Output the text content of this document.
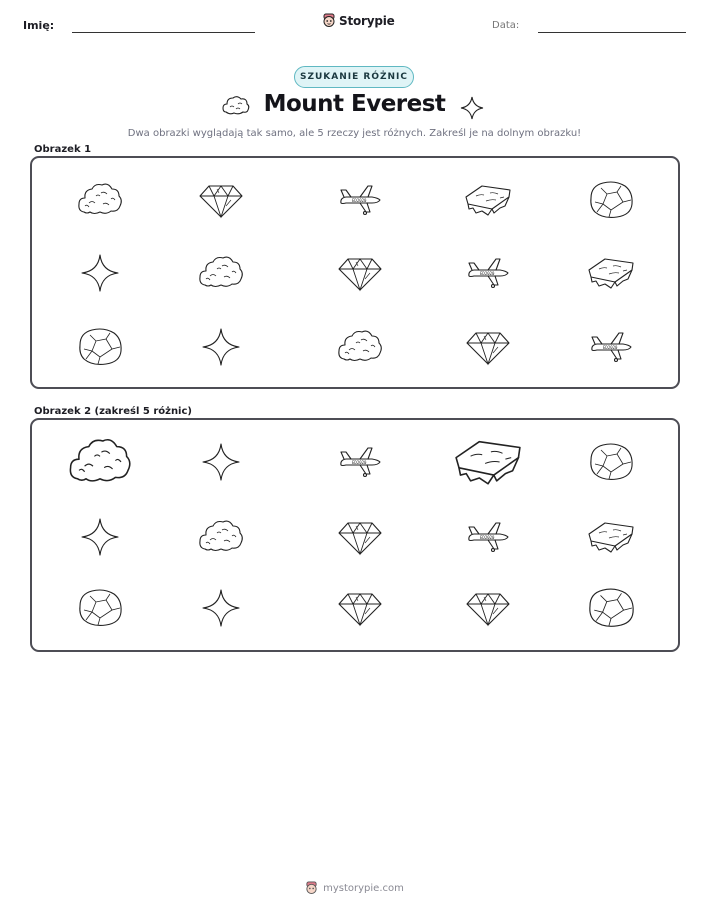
Imię:	Storypie	Data:
SZUKANIE RÓŻNIC
Mount Everest
Dwa obrazki wyglądają tak samo, ale 5 rzeczy jest różnych. Zakreśl je na dolnym obrazku!
Obrazek 1
Obrazek 2 (zakreśl 5 różnic)
mystorypie.com
ED2020
ED2020
ED2020
ED2020
ED2020
